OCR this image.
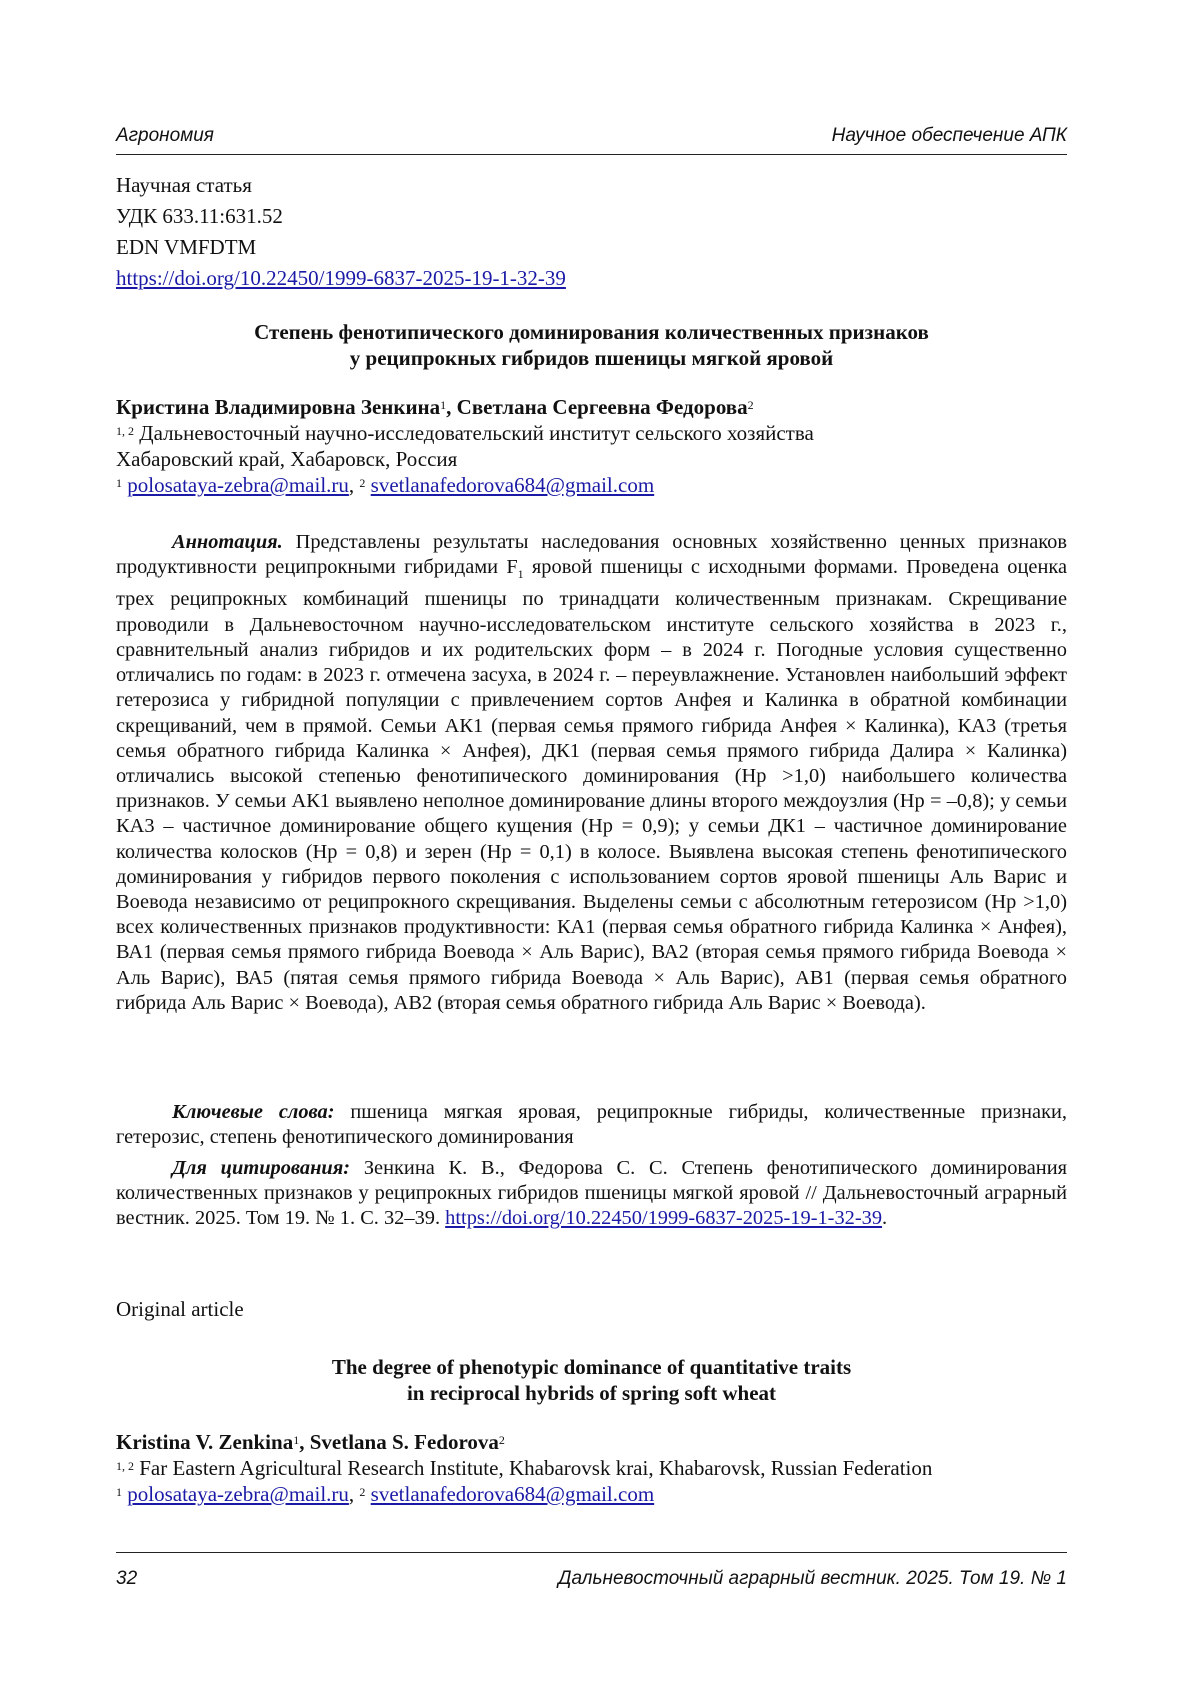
Агрономия	Научное обеспечение АПК
Научная статья
УДК 633.11:631.52
EDN VMFDTM
https://doi.org/10.22450/1999-6837-2025-19-1-32-39
Степень фенотипического доминирования количественных признаков
у реципрокных гибридов пшеницы мягкой яровой
Кристина Владимировна Зенкина$^1$, Светлана Сергеевна Федорова$^2$
$^{1, 2}$ Дальневосточный научно-исследовательский институт сельского хозяйства
Хабаровский край, Хабаровск, Россия
$^1$ polosataya-zebra@mail.ru, $^2$ svetlanafedorova684@gmail.com
Аннотация. Представлены результаты наследования основных хозяйственно ценных признаков продуктивности реципрокными гибридами $F_1$ яровой пшеницы с исходными формами. Проведена оценка трех реципрокных комбинаций пшеницы по тринадцати количественным признакам. Скрещивание проводили в Дальневосточном научно-исследовательском институте сельского хозяйства в 2023 г., сравнительный анализ гибридов и их родительских форм – в 2024 г. Погодные условия существенно отличались по годам: в 2023 г. отмечена засуха, в 2024 г. – переувлажнение. Установлен наибольший эффект гетерозиса у гибридной популяции с привлечением сортов Анфея и Калинка в обратной комбинации скрещиваний, чем в прямой. Семьи АК1 (первая семья прямого гибрида Анфея × Калинка), КА3 (третья семья обратного гибрида Калинка × Анфея), ДК1 (первая семья прямого гибрида Далира × Калинка) отличались высокой степенью фенотипического доминирования (Hp >1,0) наибольшего количества признаков. У семьи АК1 выявлено неполное доминирование длины второго междоузлия (Hp = –0,8); у семьи КА3 – частичное доминирование общего кущения (Hp = 0,9); у семьи ДК1 – частичное доминирование количества колосков (Hp = 0,8) и зерен (Hp = 0,1) в колосе. Выявлена высокая степень фенотипического доминирования у гибридов первого поколения с использованием сортов яровой пшеницы Аль Варис и Воевода независимо от реципрокного скрещивания. Выделены семьи с абсолютным гетерозисом (Hp >1,0) всех количественных признаков продуктивности: КА1 (первая семья обратного гибрида Калинка × Анфея), ВА1 (первая семья прямого гибрида Воевода × Аль Варис), ВА2 (вторая семья прямого гибрида Воевода × Аль Варис), ВА5 (пятая семья прямого гибрида Воевода × Аль Варис), АВ1 (первая семья обратного гибрида Аль Варис × Воевода), АВ2 (вторая семья обратного гибрида Аль Варис × Воевода).
Ключевые слова: пшеница мягкая яровая, реципрокные гибриды, количественные признаки, гетерозис, степень фенотипического доминирования
Для цитирования: Зенкина К. В., Федорова С. С. Степень фенотипического доминирования количественных признаков у реципрокных гибридов пшеницы мягкой яровой // Дальневосточный аграрный вестник. 2025. Том 19. № 1. С. 32–39. https://doi.org/10.22450/1999-6837-2025-19-1-32-39.
Original article
The degree of phenotypic dominance of quantitative traits
in reciprocal hybrids of spring soft wheat
Kristina V. Zenkina$^1$, Svetlana S. Fedorova$^2$
$^{1, 2}$ Far Eastern Agricultural Research Institute, Khabarovsk krai, Khabarovsk, Russian Federation
$^1$ polosataya-zebra@mail.ru, $^2$ svetlanafedorova684@gmail.com
32	Дальневосточный аграрный вестник. 2025. Том 19. № 1
